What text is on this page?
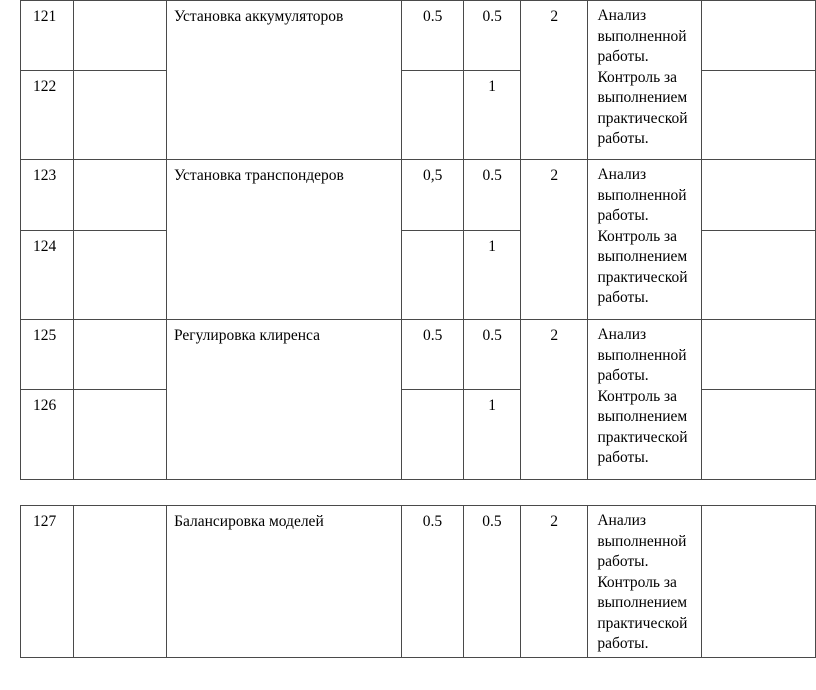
121		Установка аккумуляторов	0.5	0.5	2	Анализ выполненной работы. Контроль за выполнением практической работы.	
122				1			
123		Установка транспондеров	0,5	0.5	2	Анализ выполненной работы. Контроль за выполнением практической работы.	
124				1			
125		Регулировка клиренса	0.5	0.5	2	Анализ выполненной работы. Контроль за выполнением практической работы.	
126				1			
127		Балансировка моделей	0.5	0.5	2	Анализ выполненной работы. Контроль за выполнением практической работы.	
